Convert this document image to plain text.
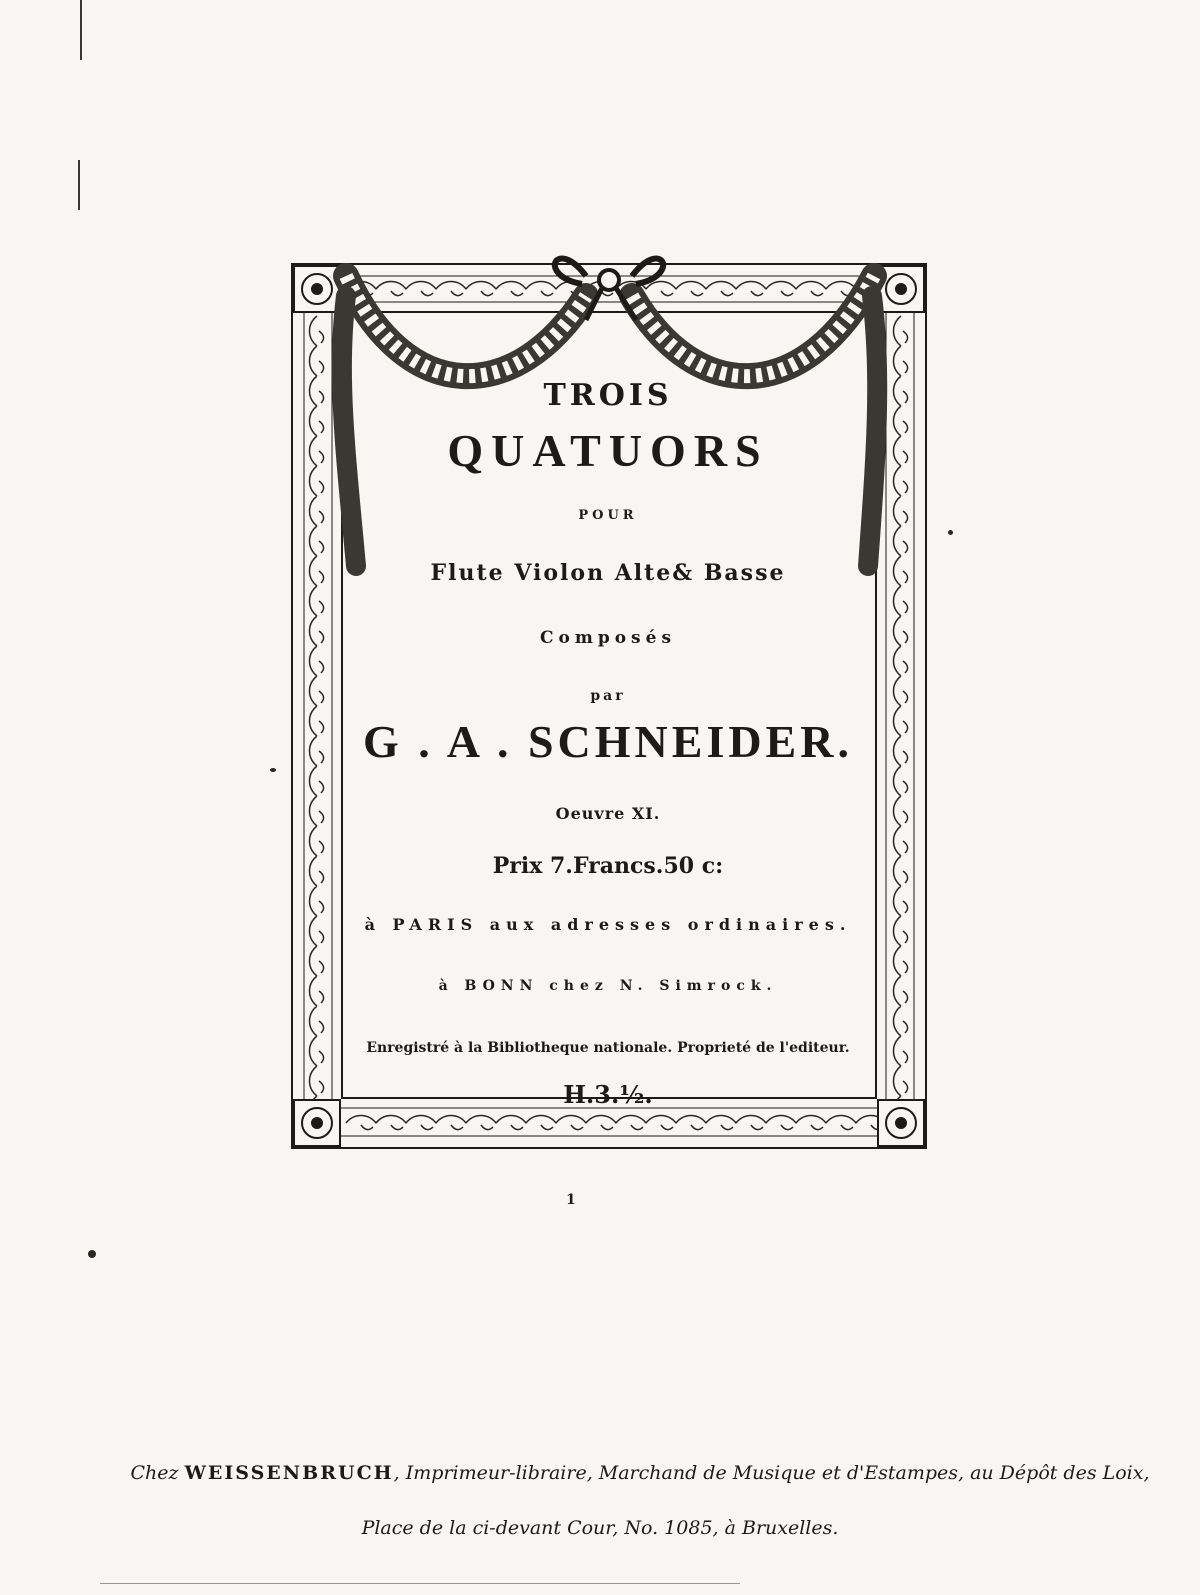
TROIS
QUATUORS
POUR
Flute Violon Alte& Basse
Composés
par
G . A . SCHNEIDER.
Oeuvre XI.
Prix 7.Francs.50 c:
à PARIS aux adresses ordinaires.
à BONN chez N. Simrock.
Enregistré à la Bibliotheque nationale. Proprieté de l'editeur.
H.3.½.
1
Chez WEISSENBRUCH, Imprimeur-libraire, Marchand de Musique et d'Estampes, au Dépôt des Loix,
Place de la ci-devant Cour, No. 1085, à Bruxelles.
